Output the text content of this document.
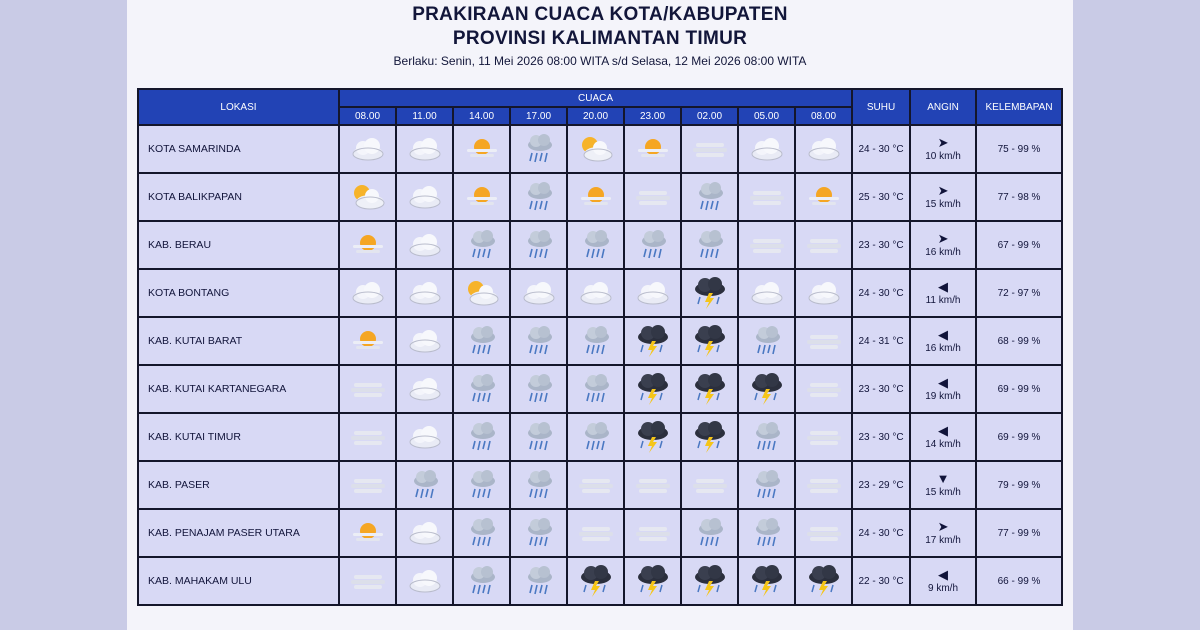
PRAKIRAAN CUACA KOTA/KABUPATEN
PROVINSI KALIMANTAN TIMUR
Berlaku: Senin, 11 Mei 2026 08:00 WITA s/d Selasa, 12 Mei 2026 08:00 WITA
LOKASI	CUACA									SUHU	ANGIN	KELEMBAPAN
	08.00	11.00	14.00	17.00	20.00	23.00	02.00	05.00	08.00			
KOTA SAMARINDA										24 - 30 °C	➤
10 km/h	75 - 99 %
KOTA BALIKPAPAN										25 - 30 °C	➤
15 km/h	77 - 98 %
KAB. BERAU										23 - 30 °C	➤
16 km/h	67 - 99 %
KOTA BONTANG										24 - 30 °C	◀
11 km/h	72 - 97 %
KAB. KUTAI BARAT										24 - 31 °C	◀
16 km/h	68 - 99 %
KAB. KUTAI KARTANEGARA										23 - 30 °C	◀
19 km/h	69 - 99 %
KAB. KUTAI TIMUR										23 - 30 °C	◀
14 km/h	69 - 99 %
KAB. PASER										23 - 29 °C	▼
15 km/h	79 - 99 %
KAB. PENAJAM PASER UTARA										24 - 30 °C	➤
17 km/h	77 - 99 %
KAB. MAHAKAM ULU										22 - 30 °C	◀
9 km/h	66 - 99 %
